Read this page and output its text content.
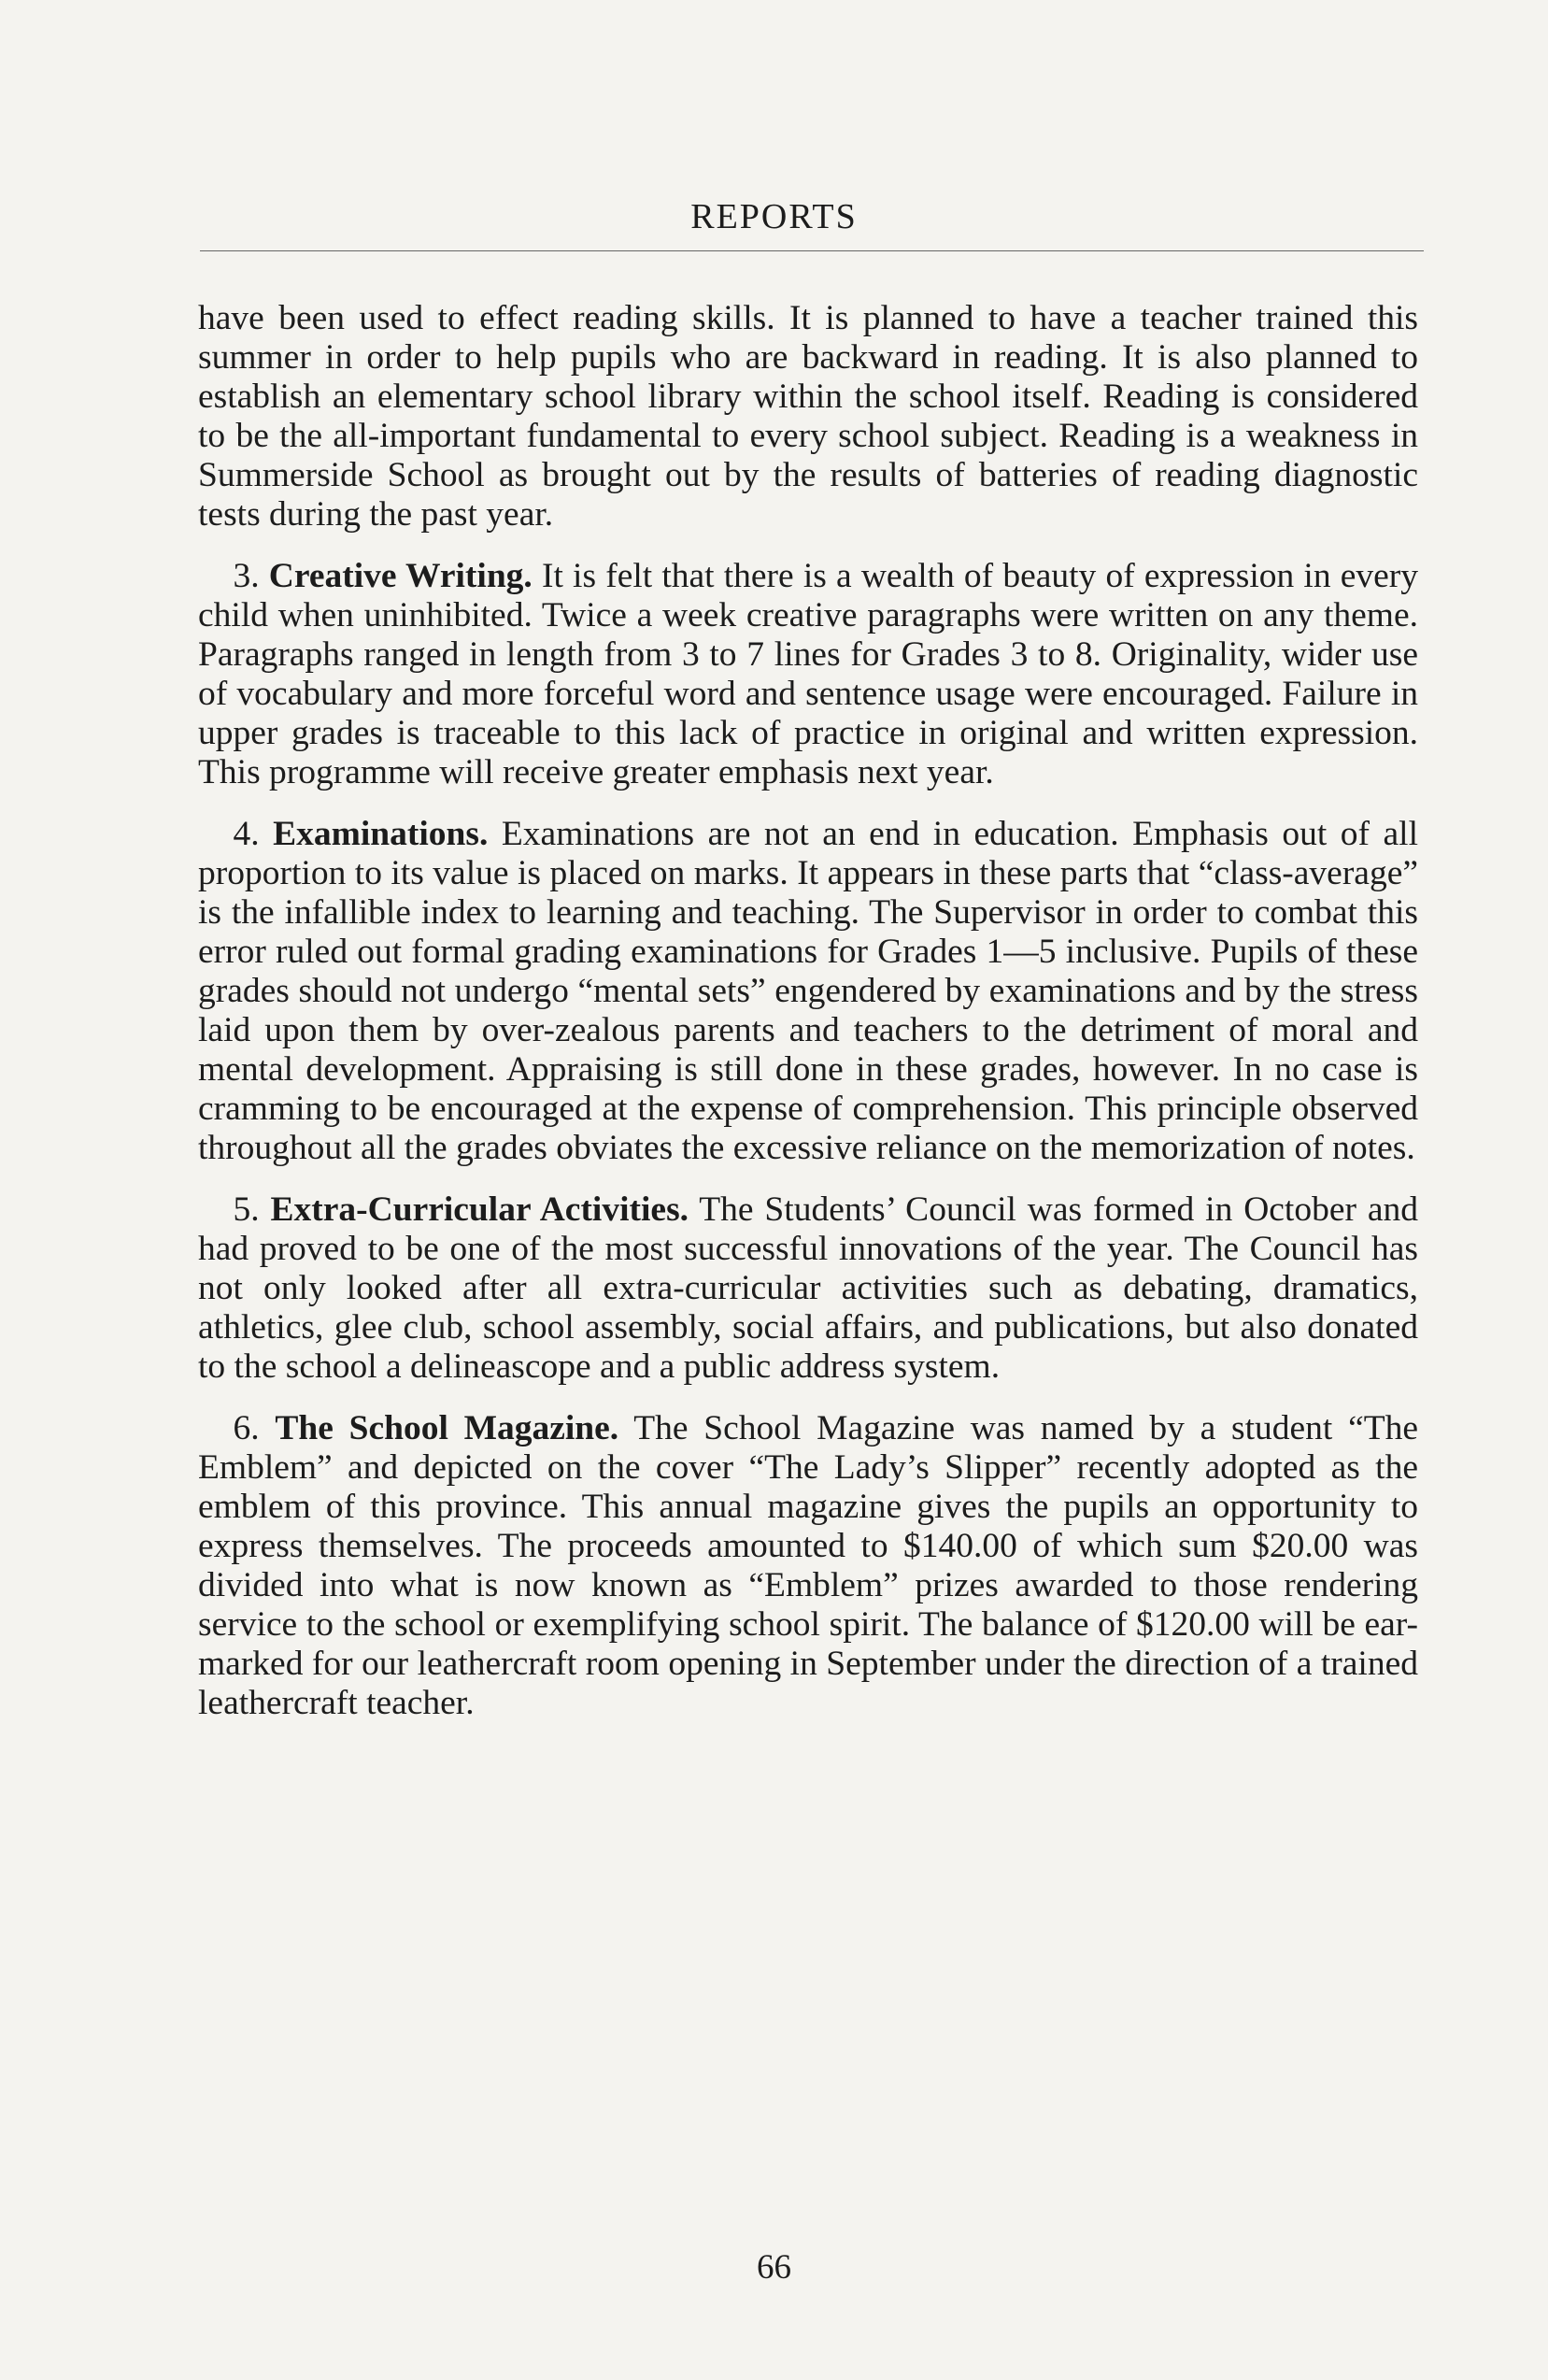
REPORTS

have been used to effect reading skills. It is planned to have a teacher trained this summer in order to help pupils who are backward in reading. It is also planned to establish an elementary school library within the school itself. Reading is considered to be the all-important fundamental to every school subject. Reading is a weakness in Summerside School as brought out by the results of batteries of reading diagnostic tests during the past year.

 3. Creative Writing. It is felt that there is a wealth of beauty of expression in every child when uninhibited. Twice a week creative paragraphs were written on any theme. Paragraphs ranged in length from 3 to 7 lines for Grades 3 to 8. Originality, wider use of vocabulary and more forceful word and sentence usage were encouraged. Failure in upper grades is traceable to this lack of practice in original and written expression. This programme will receive greater emphasis next year.

 4. Examinations. Examinations are not an end in education. Emphasis out of all proportion to its value is placed on marks. It appears in these parts that “class-average” is the infallible index to learning and teaching. The Supervisor in order to combat this error ruled out formal grading examinations for Grades 1—5 inclusive. Pupils of these grades should not undergo “mental sets” engendered by examinations and by the stress laid upon them by over-zealous parents and teachers to the detriment of moral and mental development. Appraising is still done in these grades, however. In no case is cramming to be encouraged at the expense of comprehension. This principle observed throughout all the grades obviates the excessive reliance on the memorization of notes.

 5. Extra-Curricular Activities. The Students’ Council was formed in October and had proved to be one of the most successful innovations of the year. The Council has not only looked after all extra-curricular activities such as debating, dramatics, athletics, glee club, school assembly, social affairs, and publications, but also donated to the school a delineascope and a public address system.

 6. The School Magazine. The School Magazine was named by a student “The Emblem” and depicted on the cover “The Lady’s Slipper” recently adopted as the emblem of this province. This annual magazine gives the pupils an opportunity to express themselves. The proceeds amounted to $140.00 of which sum $20.00 was divided into what is now known as “Emblem” prizes awarded to those rendering service to the school or exemplifying school spirit. The balance of $120.00 will be ear-marked for our leathercraft room opening in September under the direction of a trained leathercraft teacher.

66
